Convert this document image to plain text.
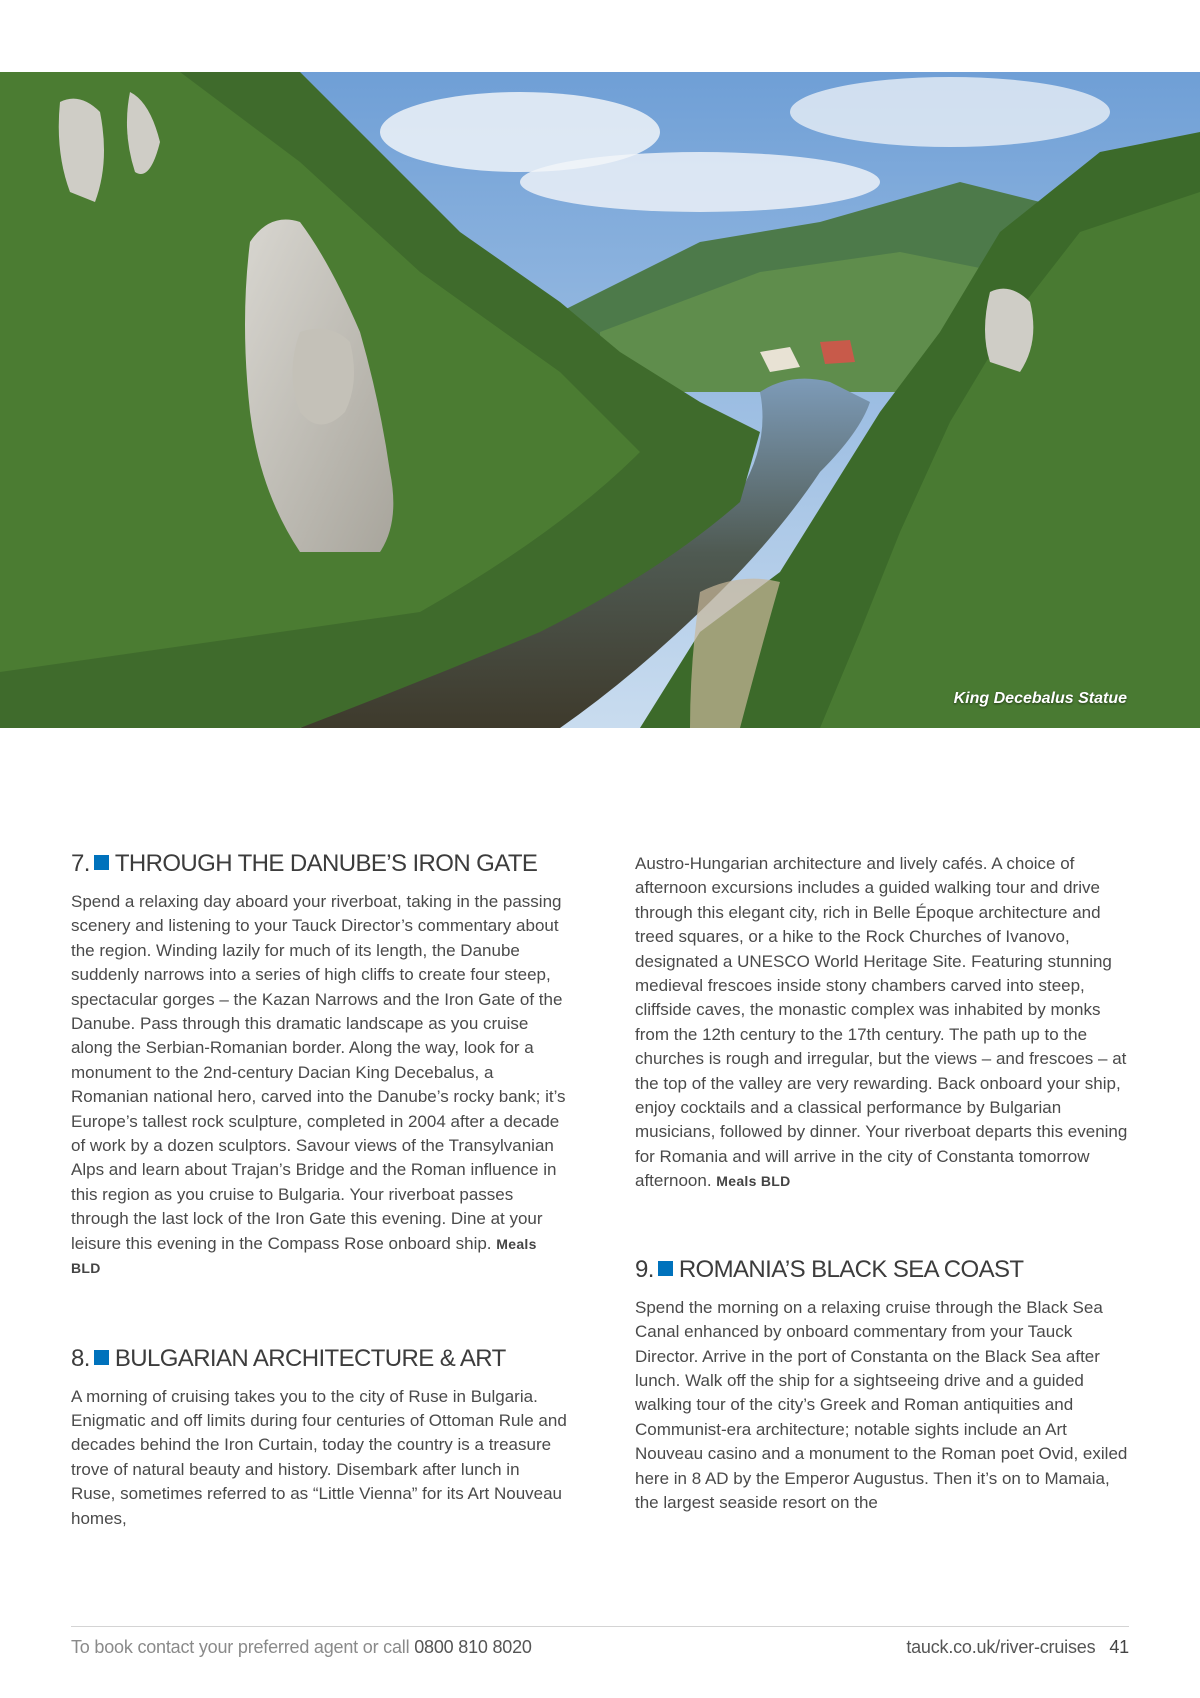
King Decebalus Statue
7. THROUGH THE DANUBE’S IRON GATE

Spend a relaxing day aboard your riverboat, taking in the passing scenery and listening to your Tauck Director’s commentary about the region. Winding lazily for much of its length, the Danube suddenly narrows into a series of high cliffs to create four steep, spectacular gorges – the Kazan Narrows and the Iron Gate of the Danube. Pass through this dramatic landscape as you cruise along the Serbian-Romanian border. Along the way, look for a monument to the 2nd-century Dacian King Decebalus, a Romanian national hero, carved into the Danube’s rocky bank; it’s Europe’s tallest rock sculpture, completed in 2004 after a decade of work by a dozen sculptors. Savour views of the Transylvanian Alps and learn about Trajan’s Bridge and the Roman influence in this region as you cruise to Bulgaria. Your riverboat passes through the last lock of the Iron Gate this evening. Dine at your leisure this evening in the Compass Rose onboard ship. Meals BLD

8. BULGARIAN ARCHITECTURE & ART

A morning of cruising takes you to the city of Ruse in Bulgaria. Enigmatic and off limits during four centuries of Ottoman Rule and decades behind the Iron Curtain, today the country is a treasure trove of natural beauty and history. Disembark after lunch in Ruse, sometimes referred to as “Little Vienna” for its Art Nouveau homes,

Austro-Hungarian architecture and lively cafés. A choice of afternoon excursions includes a guided walking tour and drive through this elegant city, rich in Belle Époque architecture and treed squares, or a hike to the Rock Churches of Ivanovo, designated a UNESCO World Heritage Site. Featuring stunning medieval frescoes inside stony chambers carved into steep, cliffside caves, the monastic complex was inhabited by monks from the 12th century to the 17th century. The path up to the churches is rough and irregular, but the views – and frescoes – at the top of the valley are very rewarding. Back onboard your ship, enjoy cocktails and a classical performance by Bulgarian musicians, followed by dinner. Your riverboat departs this evening for Romania and will arrive in the city of Constanta tomorrow afternoon. Meals BLD

9. ROMANIA’S BLACK SEA COAST

Spend the morning on a relaxing cruise through the Black Sea Canal enhanced by onboard commentary from your Tauck Director. Arrive in the port of Constanta on the Black Sea after lunch. Walk off the ship for a sightseeing drive and a guided walking tour of the city’s Greek and Roman antiquities and Communist-era architecture; notable sights include an Art Nouveau casino and a monument to the Roman poet Ovid, exiled here in 8 AD by the Emperor Augustus. Then it’s on to Mamaia, the largest seaside resort on the

To book contact your preferred agent or call 0800 810 8020	tauck.co.uk/river-cruises 41
